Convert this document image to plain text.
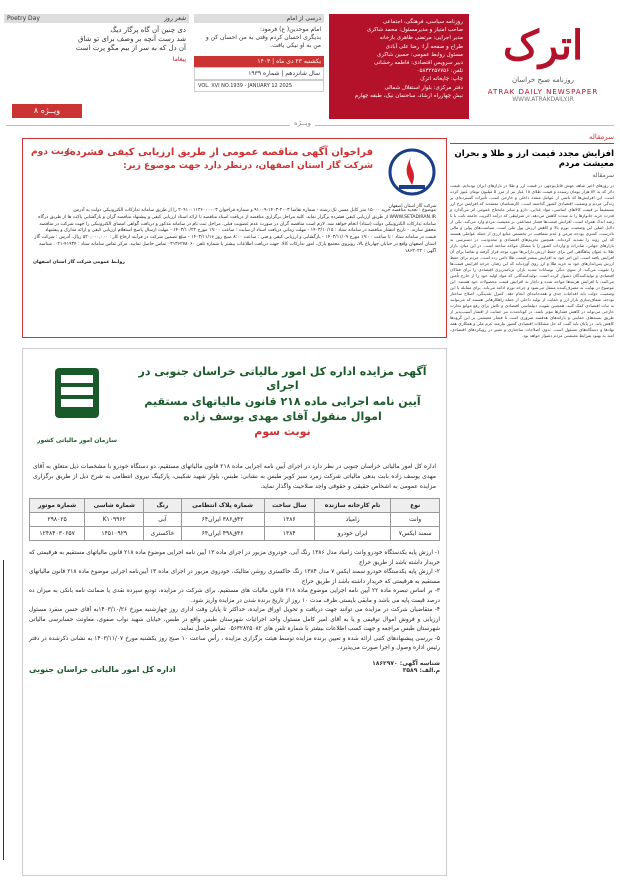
اترک
روزنامه صبح خراسان
ATRAK DAILY NEWSPAPER
WWW.ATRAKDAILY.IR
روزنامه سیاسی، فرهنگی، اجتماعی
صاحب امتیاز و مدیرمسئول: محمد شاکری
مدیر اجرایی: مرتضی ظاهری بازخانه
طراح و صفحه آرا: رضا علی آبادی
مسئول روابط عمومی: حسین شاکری
دبیر سرویس اقتصادی: فاطمه رخشانی
تلفن: ۰۵۸۳۲۲۵۷۷۵۶
چاپ: چاپخانه اترک
دفتر مرکزی: بلوار استقلال شمالی
نبش چهارراه ارشاد، ساختمان نیک، طبقه چهارم
درسی از امام
امام موحدین( ع) فرمود:
بدیگری احسان کردم وقتی به من احسان کن و
من به او نیکی یافت.
یکشنبه ۲۳ دی ماه | ۱۴۰۳
سال شانزدهم | شماره ۱۹۳۹
VOL. XVI NO.1939 - JANUARY 12 2025
شعر روز
Poetry Day
دی چنین آن گاه پرگار دیگ
شد رست آنچه بر وصف برای تو شاق
آن دل که به سر از بیم مگو پرت است
پیغاما
ویــژه ۸
ویــژه
سرمقاله
افزایش مجدد قیمت ارز و طلا و بحران معیشت مردم
سرمقاله
در روزهای اخیر شاهد جهش قابل‌توجهی در قیمت ارز و طلا در بازارهای ایران بوده‌ایم. قیمت دلار که به ۸۲ هزار تومان رسیده و قیمت طلای ۱۸ عیار نیز از مرز ۵ میلیون تومان عبور کرده است. این افزایش‌ها که ناشی از عوامل متعدد داخلی و خارجی است، تأثیرات گسترده‌ای بر زندگی مردم و وضعیت اقتصادی کشور گذاشته است. کارشناسان معتقدند که افزایش نرخ ارز مستقیماً بر قیمت کالاهای اساسی، مواد غذایی، دارو و سایر مایحتاج عمومی اثر می‌گذارد و قدرت خرید خانوارها را به شدت کاهش می‌دهد. در شرایطی که درآمد اکثریت جامعه ثابت یا با رشد اندک همراه است، افزایش قیمت‌ها فشار مضاعفی بر معیشت مردم وارد می‌کند. یکی از دلایل اصلی این وضعیت، تورم بالا و کاهش ارزش پول ملی است. سیاست‌های پولی و مالی نادرست، کسری بودجه مزمن و عدم شفافیت در تخصیص منابع ارزی از جمله عواملی هستند که این روند را تشدید کرده‌اند. همچنین تحریم‌های اقتصادی و محدودیت در دسترسی به بازارهای جهانی، صادرات و واردات کشور را با مشکل مواجه ساخته است. در این میان، بازار طلا به عنوان پناهگاهی امن برای حفظ ارزش دارایی‌ها مورد توجه قرار گرفته و تقاضا برای آن افزایش یافته است. این امر خود به افزایش بیشتر قیمت طلا دامن زده است. مردم برای حفظ ارزش پس‌اندازهای خود به خرید طلا و ارز روی آورده‌اند که این رفتار، چرخه افزایش قیمت‌ها را تقویت می‌کند. از سوی دیگر، نوسانات شدید بازار، برنامه‌ریزی اقتصادی را برای فعالان اقتصادی و تولیدکنندگان دشوار کرده است. تولیدکنندگانی که مواد اولیه خود را از خارج تأمین می‌کنند، با افزایش هزینه‌ها مواجه شده و ناچار به افزایش قیمت محصولات خود هستند. این موضوع در نهایت به مصرف‌کننده منتقل می‌شود و چرخه تورم ادامه می‌یابد. برای مقابله با این وضعیت، دولت باید اقدامات جدی و همه‌جانبه‌ای انجام دهد. کنترل نقدینگی، اصلاح ساختار بودجه، شفاف‌سازی بازار ارز و حمایت از تولید داخلی از جمله راهکارهایی هستند که می‌توانند به ثبات اقتصادی کمک کنند. همچنین تقویت دیپلماسی اقتصادی و تلاش برای رفع موانع تجارت خارجی می‌تواند در کاهش فشارها مؤثر باشد. در کوتاه‌مدت نیز حمایت از اقشار آسیب‌پذیر از طریق بسته‌های حمایتی و یارانه‌های هدفمند ضروری است تا فشار معیشتی بر این گروه‌ها کاهش یابد. در پایان باید گفت که حل مشکلات اقتصادی کشور نیازمند عزم ملی و همکاری همه نهادها و دستگاه‌های مسئول است. بدون اصلاحات ساختاری و تغییر در رویکردهای اقتصادی، امید به بهبود شرایط معیشتی مردم دشوار خواهد بود.
نوبت دوم
شرکت گاز استان اصفهان
فراخوان آگهی مناقصه عمومی از طریق ارزیابی کیفی فشرده؛
شرکت گاز استان اصفهان، درنظر دارد جهت موضوع زیر:
موضوع : تجدید مناقصه خرید ۱۵۰۰۰ متر کابل مسی تک رشته - شماره تقاضا ۲۰۰۳-۱۴۰۳-۹۱۰۰۹ و شماره فراخوان ۲۰۹۱۰۰۱۱۳۶۰۰۰۰۰۳ را از طریق سامانه تدارکات الکترونیکی دولت به آدرس WWW.SETADIRAN.IR از طریق ارزیابی کیفی فشرده برگزار نماید. کلیه مراحل برگزاری مناقصه از دریافت اسناد مناقصه تا ارائه اسناد ارزیابی کیفی و پیشنهاد مناقصه گران و بازگشایی پاکت ها از طریق درگاه سامانه تدارکات الکترونیکی دولت (ستاد) انجام خواهد شد. لازم است مناقصه گران در صورت عدم عضویت قبلی، مراحل ثبت نام در سامانه مذکور و دریافت گواهی امضای الکترونیکی را جهت شرکت در مناقصه محقق سازند. - تاریخ انتشار مناقصه در سامانه ستاد : ۱۴۰۳/۱۰/۱۵ - مهلت زمانی دریافت اسناد از سایت : ساعت ۱۹:۰۰ مورخ ۱۴۰۳/۱۰/۲۲ - مهلت ارسال پاسخ استعلام ارزیابی کیفی و ارائه مدارک و پیشنهاد قیمت در سامانه ستاد : تا ساعت ۱۹:۰۰ مورخ ۱۴۰۳/۱۱/۰۹ - بازگشایی و ارزیابی کیفی و فنی : ساعت ۸:۰۰ صبح روز ۱۴۰۳/۱۱/۱۶ - مبلغ تضمین شرکت در فرآیند ارجاع کار : ۵۲۰,۰۰۰,۰۰۰ ریال. آدرس : شرکت گاز استان اصفهان واقع در خیابان چهارباغ بالا، روبروی مجتمع پارک، امور تدارکات کالا. جهت دریافت اطلاعات بیشتر با شماره تلفن ۰۳۱۳۶۲۷۸۰۶۰ تماس حاصل نمایید. مرکز تماس سامانه ستاد : ۴۱۹۳۴-۰۲۱. شناسه آگهی : ۱۸۶۳۰۲۲
روابط عمومی شرکت گاز استان اصفهان
آگهی مزایده اداره کل امور مالیاتی خراسان جنوبی در اجرای
آیین نامه اجرایی ماده ۲۱۸ قانون مالیاتهای مستقیم
اموال منقول آقای مهدی یوسف زاده
نوبت سوم
سازمان امور مالیاتی کشور
اداره کل امور مالیاتی خراسان جنوبی در نظر دارد در اجرای آیین نامه اجرایی ماده ۲۱۸ قانون مالیاتهای مستقیم، دو دستگاه خودرو با مشخصات ذیل متعلق به آقای مهدی یوسف زاده بابت بدهی مالیاتی شرکت زمرد سبز کویر طبس به نشانی: طبس، بلوار شهید شکیبی، پارکینگ نیروی انتظامی به شرح ذیل از طریق برگزاری مزایده عمومی به اشخاص حقیقی و حقوقی واجد صلاحیت واگذار نماید.
نوع	نام کارخانه سازنده	سال ساخت	شماره پلاک انتظامی	رنگ	شماره شاسی	شماره موتور
وانت	زامیاد	۱۳۸۶	۴۲ق۳۸۶ ایران۶۴	آبی	K۱۰۹۹۶۲	۲۹۸۰۲۵
سمند ایکس۷	ایران خودرو	۱۳۸۴	۴۶ق۴۹۸ ایران۶۴	خاکستری	۱۴۵۱۰۹۲۹	۱۲۴۸۴۰۳۰۶۵۷
۱- ارزش پایه یکدستگاه خودرو وانت زامیاد مدل ۱۳۸۶ رنگ آبی، خودروی مزبور در اجرای ماده ۱۳ آیین نامه اجرایی موضوع ماده ۲۱۸ قانون مالیاتهای مستقیم به هرقیمتی که خریدار داشته باشد از طریق حراج
۲- ارزش پایه یکدستگاه خودرو سمند ایکس ۷ مدل ۱۳۸۴ رنگ خاکستری روشن متالیک، خودروی مزبور در اجرای ماده ۱۳ آیین‌نامه اجرایی موضوع ماده ۲۱۸ قانون مالیاتهای مستقیم به هرقیمتی که خریدار داشته باشد از طریق حراج
۳- بر اساس تبصره ماده ۲۲ آیین نامه اجرایی موضوع ماده ۲۱۸ قانون مالیات های مستقیم، برای شرکت در مزایده، تودیع سپرده نقدی یا ضمانت نامه بانکی به میزان ده درصد قیمت پایه می باشد و مابقی بایستی ظرف مدت ۱۰ روز از تاریخ برنده شدن در مزایده واریز شود.
۴- متقاضیان شرکت در مزایده می توانند جهت دریافت و تحویل اوراق مزایده، حداکثر تا پایان وقت اداری روز چهارشنبه مورخ ۱۴۰۳/۱۰/۲۶به آقای حسن منفرد مسئول ارزیابی و فروش اموال توقیفی و یا به آقای امیر کامل مسئول واحد اجرائیات شهرستان طبس واقع در طبس، خیابان شهید نواب صفوی، معاونت حسابرسی مالیاتی شهرستان طبس مراجعه و جهت کسب اطلاعات بیشتر با شماره تلفن های ۰۵۶۳۲۸۲۵۰۸۲ تماس حاصل نمایند.
۵- بررسی پیشنهادهای کتبی ارائه شده و تعیین برنده مزایده توسط هیئت برگزاری مزایده ، رأس ساعت ۱۰ صبح روز یکشنبه مورخ ۱۴۰۳/۱۱/۰۷ به نشانی ذکرشده در دفتر رئیس اداره وصول و اجرا صورت می‌پذیرد.
شناسه آگهی: ۱۸۶۲۹۷۰
م.الف: ۳۵۸۹
اداره کل امور مالیاتی خراسان جنوبی
